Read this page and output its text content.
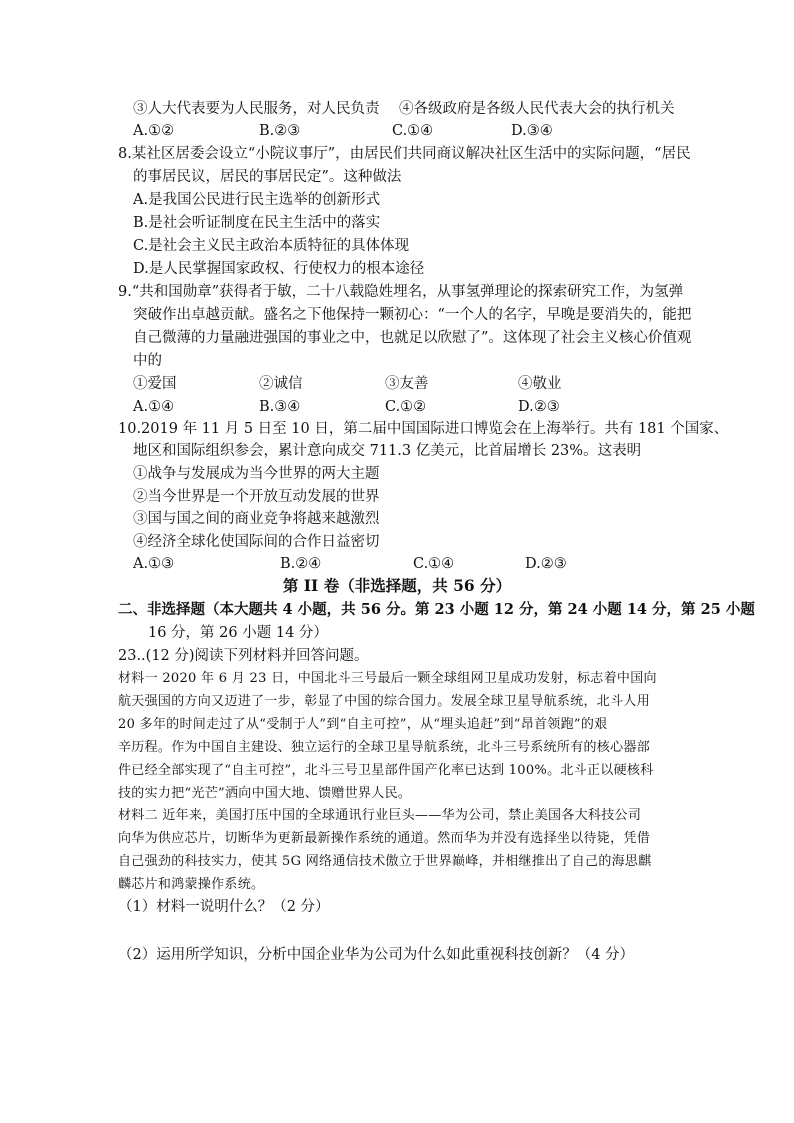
③人大代表要为人民服务，对人民负责 ④各级政府是各级人民代表大会的执行机关
A.①②	B.②③	C.①④	D.③④
8.某社区居委会设立“小院议事厅”，由居民们共同商议解决社区生活中的实际问题，“居民
的事居民议，居民的事居民定”。这种做法
A.是我国公民进行民主选举的创新形式
B.是社会听证制度在民主生活中的落实
C.是社会主义民主政治本质特征的具体体现
D.是人民掌握国家政权、行使权力的根本途径
9.“共和国勋章”获得者于敏，二十八载隐姓埋名，从事氢弹理论的探索研究工作，为氢弹
突破作出卓越贡献。盛名之下他保持一颗初心：“一个人的名字，早晚是要消失的，能把
自己微薄的力量融进强国的事业之中，也就足以欣慰了”。这体现了社会主义核心价值观
中的
①爱国	②诚信	③友善	④敬业
A.①④	B.③④	C.①②	D.②③
10.2019 年 11 月 5 日至 10 日，第二届中国国际进口博览会在上海举行。共有 181 个国家、
地区和国际组织参会，累计意向成交 711.3 亿美元，比首届增长 23%。这表明
①战争与发展成为当今世界的两大主题
②当今世界是一个开放互动发展的世界
③国与国之间的商业竞争将越来越激烈
④经济全球化使国际间的合作日益密切
A.①③	B.②④	C.①④	D.②③
第 II 卷（非选择题，共 56 分）
二、非选择题（本大题共 4 小题，共 56 分。第 23 小题 12 分，第 24 小题 14 分，第 25 小题
16 分，第 26 小题 14 分）
23..(12 分)阅读下列材料并回答问题。
材料一 2020 年 6 月 23 日，中国北斗三号最后一颗全球组网卫星成功发射，标志着中国向
航天强国的方向又迈进了一步，彰显了中国的综合国力。发展全球卫星导航系统，北斗人用
20 多年的时间走过了从“受制于人”到“自主可控”，从“埋头追赶”到“昂首领跑”的艰
辛历程。作为中国自主建设、独立运行的全球卫星导航系统，北斗三号系统所有的核心器部
件已经全部实现了“自主可控”，北斗三号卫星部件国产化率已达到 100%。北斗正以硬核科
技的实力把“光芒”洒向中国大地、馈赠世界人民。
材料二 近年来，美国打压中国的全球通讯行业巨头——华为公司，禁止美国各大科技公司
向华为供应芯片，切断华为更新最新操作系统的通道。然而华为并没有选择坐以待毙，凭借
自己强劲的科技实力，使其 5G 网络通信技术傲立于世界巅峰，并相继推出了自己的海思麒
麟芯片和鸿蒙操作系统。
（1）材料一说明什么？（2 分）
（2）运用所学知识，分析中国企业华为公司为什么如此重视科技创新？（4 分）
